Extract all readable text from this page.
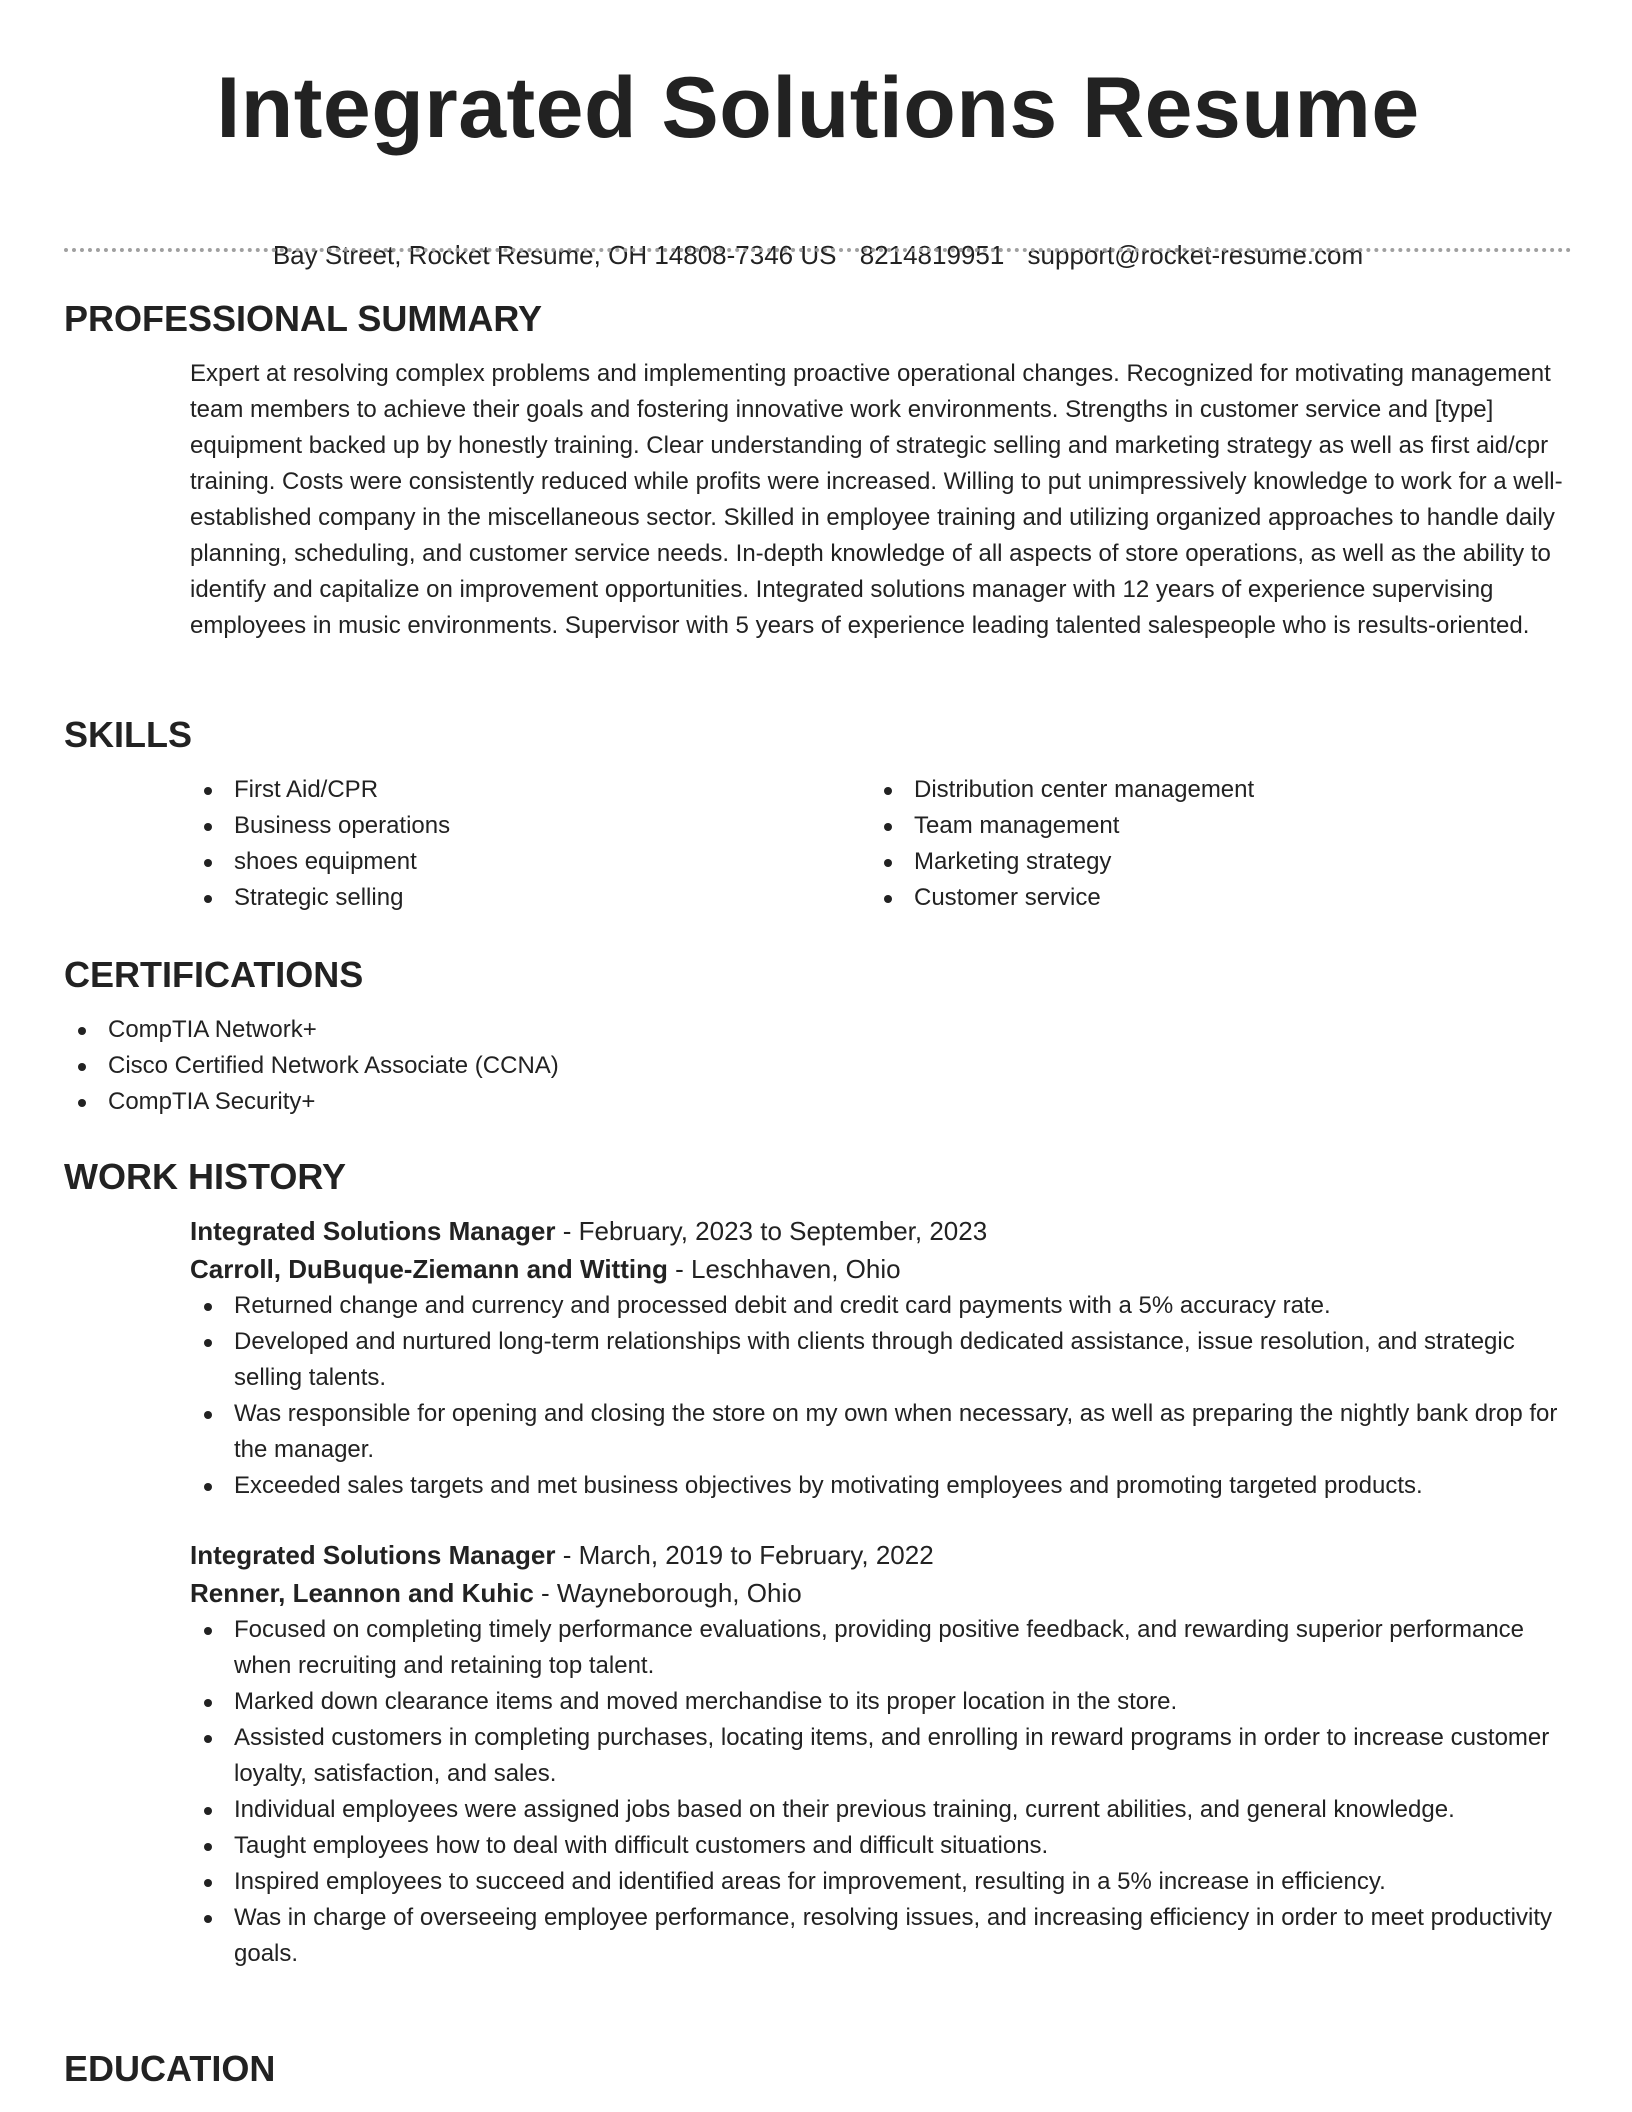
Integrated Solutions Resume
Bay Street, Rocket Resume, OH 14808-7346 US 8214819951 support@rocket-resume.com
PROFESSIONAL SUMMARY
Expert at resolving complex problems and implementing proactive operational changes. Recognized for motivating management team members to achieve their goals and fostering innovative work environments. Strengths in customer service and [type] equipment backed up by honestly training. Clear understanding of strategic selling and marketing strategy as well as first aid/cpr training. Costs were consistently reduced while profits were increased. Willing to put unimpressively knowledge to work for a well-established company in the miscellaneous sector. Skilled in employee training and utilizing organized approaches to handle daily planning, scheduling, and customer service needs. In-depth knowledge of all aspects of store operations, as well as the ability to identify and capitalize on improvement opportunities. Integrated solutions manager with 12 years of experience supervising employees in music environments. Supervisor with 5 years of experience leading talented salespeople who is results-oriented.
SKILLS
First Aid/CPR
Business operations
shoes equipment
Strategic selling
Distribution center management
Team management
Marketing strategy
Customer service
CERTIFICATIONS
CompTIA Network+
Cisco Certified Network Associate (CCNA)
CompTIA Security+
WORK HISTORY
Integrated Solutions Manager - February, 2023 to September, 2023
Carroll, DuBuque-Ziemann and Witting - Leschhaven, Ohio
Returned change and currency and processed debit and credit card payments with a 5% accuracy rate.
Developed and nurtured long-term relationships with clients through dedicated assistance, issue resolution, and strategic selling talents.
Was responsible for opening and closing the store on my own when necessary, as well as preparing the nightly bank drop for the manager.
Exceeded sales targets and met business objectives by motivating employees and promoting targeted products.
Integrated Solutions Manager - March, 2019 to February, 2022
Renner, Leannon and Kuhic - Wayneborough, Ohio
Focused on completing timely performance evaluations, providing positive feedback, and rewarding superior performance when recruiting and retaining top talent.
Marked down clearance items and moved merchandise to its proper location in the store.
Assisted customers in completing purchases, locating items, and enrolling in reward programs in order to increase customer loyalty, satisfaction, and sales.
Individual employees were assigned jobs based on their previous training, current abilities, and general knowledge.
Taught employees how to deal with difficult customers and difficult situations.
Inspired employees to succeed and identified areas for improvement, resulting in a 5% increase in efficiency.
Was in charge of overseeing employee performance, resolving issues, and increasing efficiency in order to meet productivity goals.
EDUCATION
